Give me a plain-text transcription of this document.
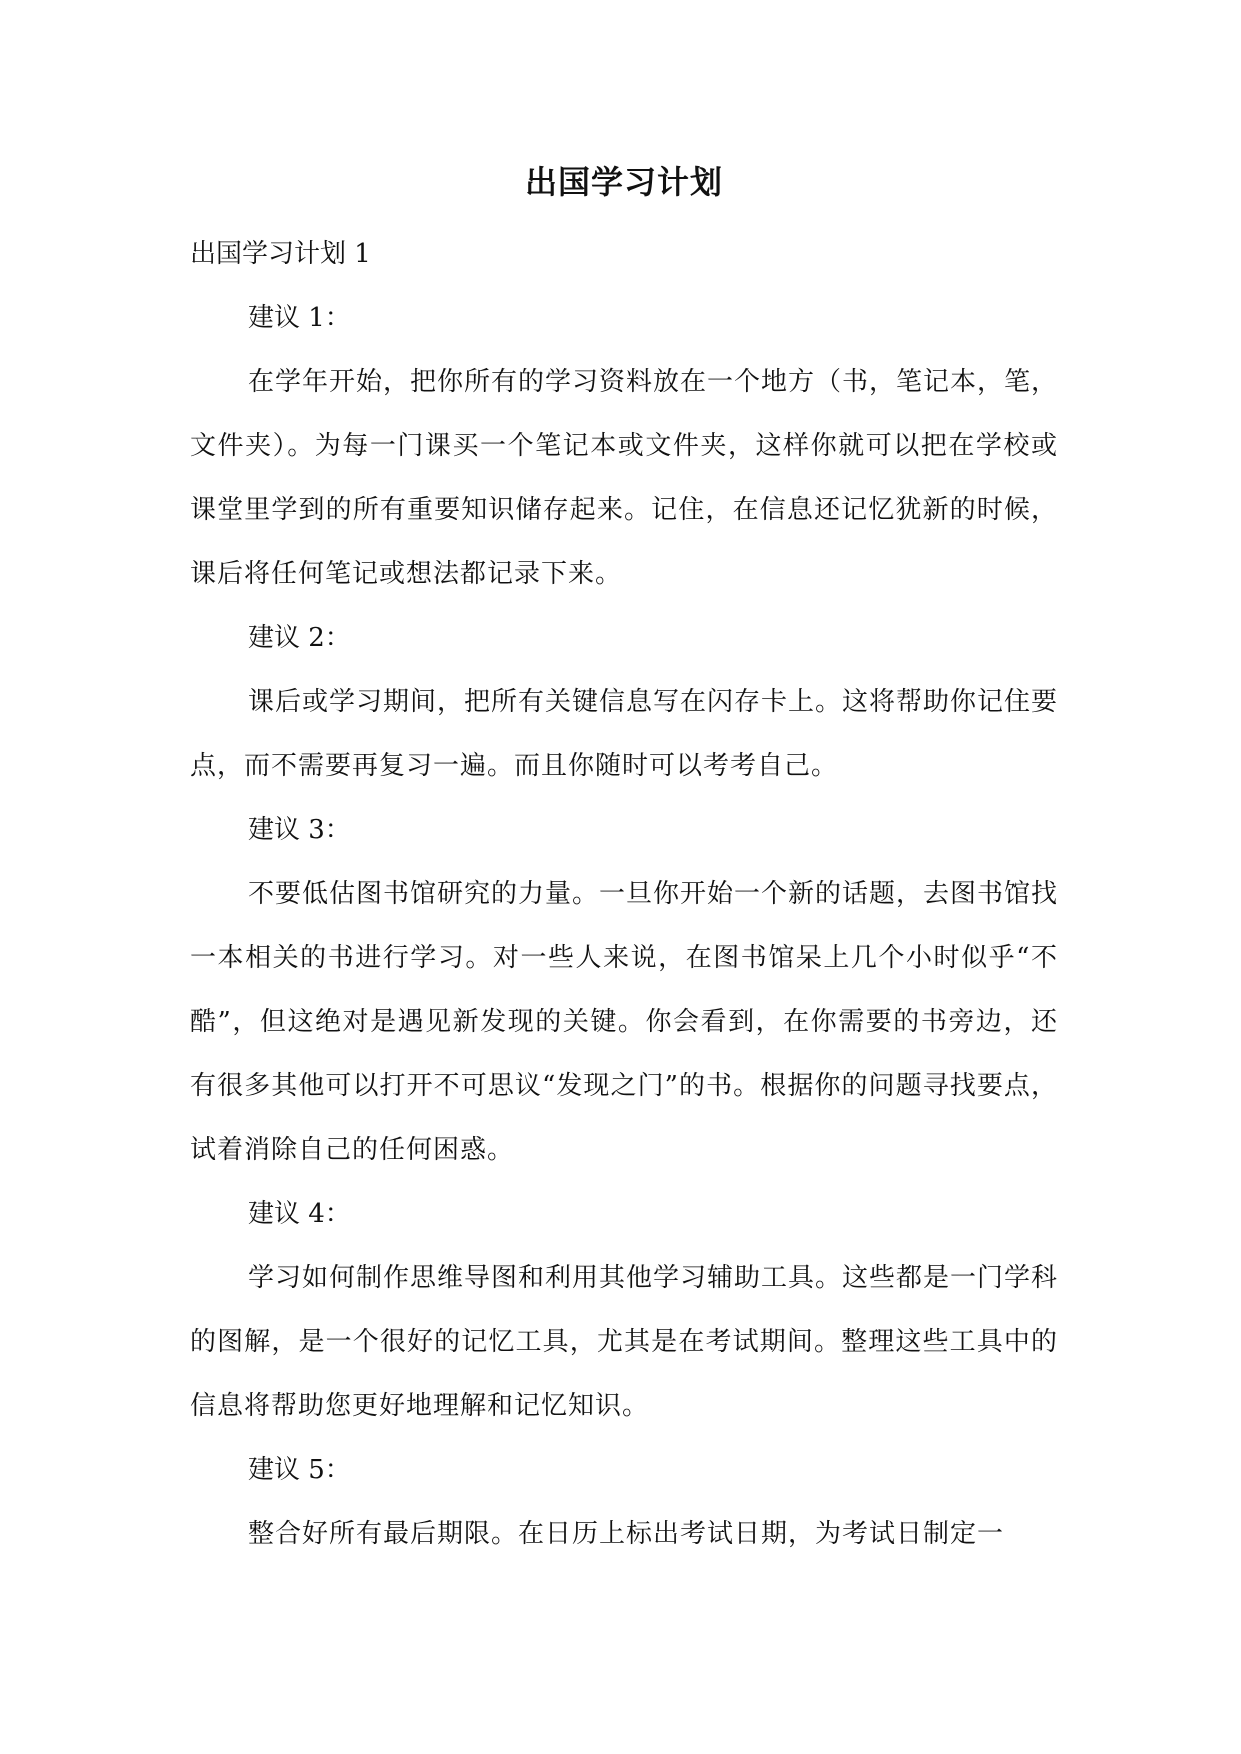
出国学习计划

出国学习计划 1

建议 1：

在学年开始，把你所有的学习资料放在一个地方（书，笔记本，笔，文件夹）。为每一门课买一个笔记本或文件夹，这样你就可以把在学校或课堂里学到的所有重要知识储存起来。记住，在信息还记忆犹新的时候，课后将任何笔记或想法都记录下来。

建议 2：

课后或学习期间，把所有关键信息写在闪存卡上。这将帮助你记住要点，而不需要再复习一遍。而且你随时可以考考自己。

建议 3：

不要低估图书馆研究的力量。一旦你开始一个新的话题，去图书馆找一本相关的书进行学习。对一些人来说，在图书馆呆上几个小时似乎“不酷”，但这绝对是遇见新发现的关键。你会看到，在你需要的书旁边，还有很多其他可以打开不可思议“发现之门”的书。根据你的问题寻找要点，试着消除自己的任何困惑。

建议 4：

学习如何制作思维导图和利用其他学习辅助工具。这些都是一门学科的图解，是一个很好的记忆工具，尤其是在考试期间。整理这些工具中的信息将帮助您更好地理解和记忆知识。

建议 5：

整合好所有最后期限。在日历上标出考试日期，为考试日制定一
